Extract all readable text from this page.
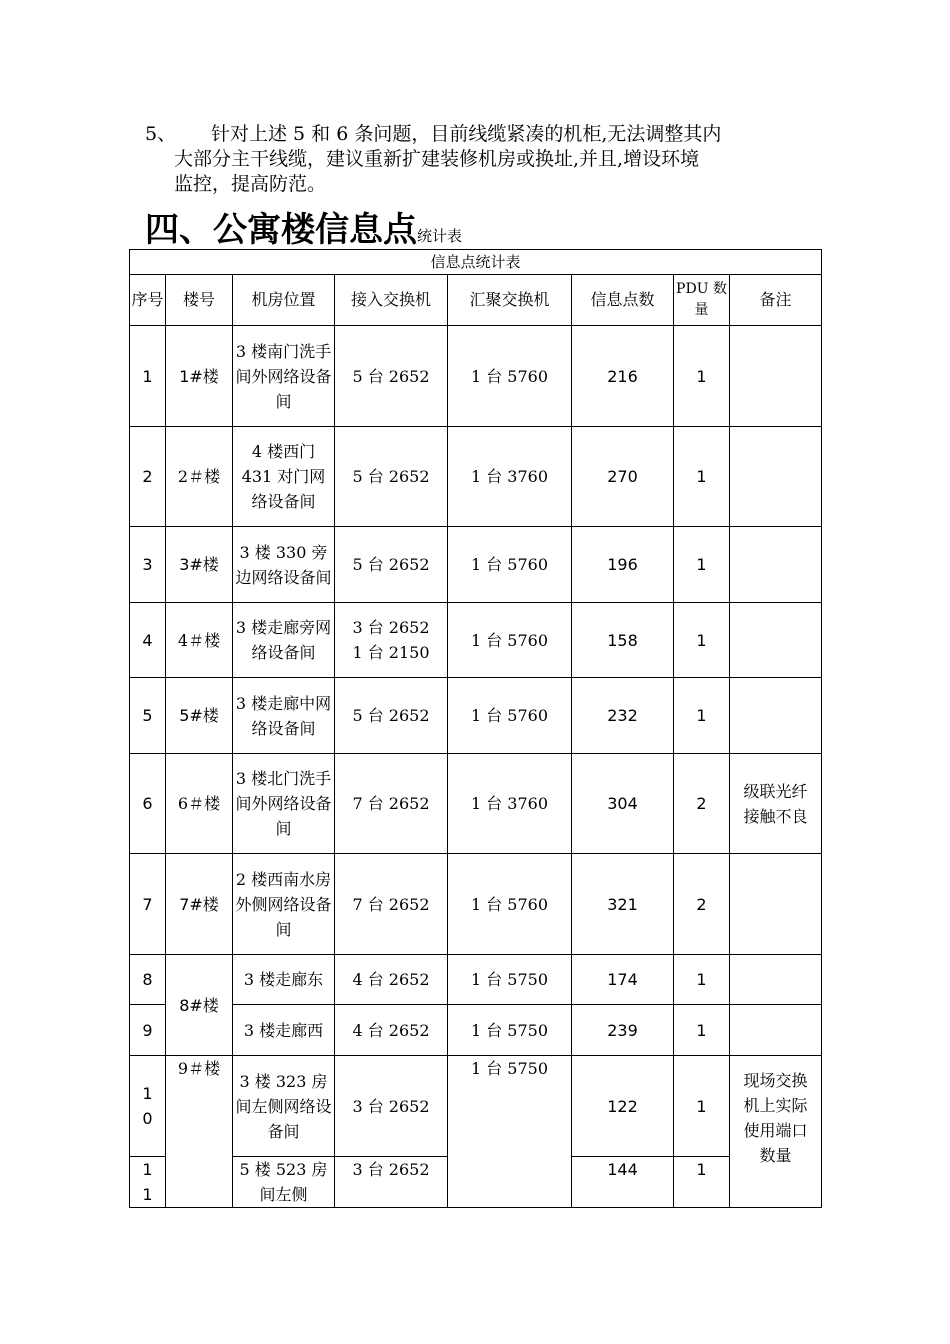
5、	针对上述 5 和 6 条问题，目前线缆紧凑的机柜,无法调整其内
大部分主干线缆，建议重新扩建装修机房或换址,并且,增设环境
监控，提高防范。
四、公寓楼信息点统计表
信息点统计表							
序号	楼号	机房位置	接入交换机	汇聚交换机	信息点数	PDU 数量	备注
1	1#楼	3 楼南门洗手间外网络设备间	5 台 2652	1 台 5760	216	1	
2	2＃楼	4 楼西门 431 对门网络设备间	5 台 2652	1 台 3760	270	1	
3	3#楼	3 楼 330 旁边网络设备间	5 台 2652	1 台 5760	196	1	
4	4＃楼	3 楼走廊旁网络设备间	3 台 2652 1 台 2150	1 台 5760	158	1	
5	5#楼	3 楼走廊中网络设备间	5 台 2652	1 台 5760	232	1	
6	6＃楼	3 楼北门洗手间外网络设备间	7 台 2652	1 台 3760	304	2	级联光纤接触不良
7	7#楼	2 楼西南水房外侧网络设备间	7 台 2652	1 台 5760	321	2	
8	8#楼	3 楼走廊东	4 台 2652	1 台 5750	174	1	
9		3 楼走廊西	4 台 2652	1 台 5750	239	1	
10	9＃楼	3 楼 323 房间左侧网络设备间	3 台 2652	1 台 5750	122	1	现场交换机上实际使用端口数量
11		5 楼 523 房间左侧	3 台 2652		144	1	
